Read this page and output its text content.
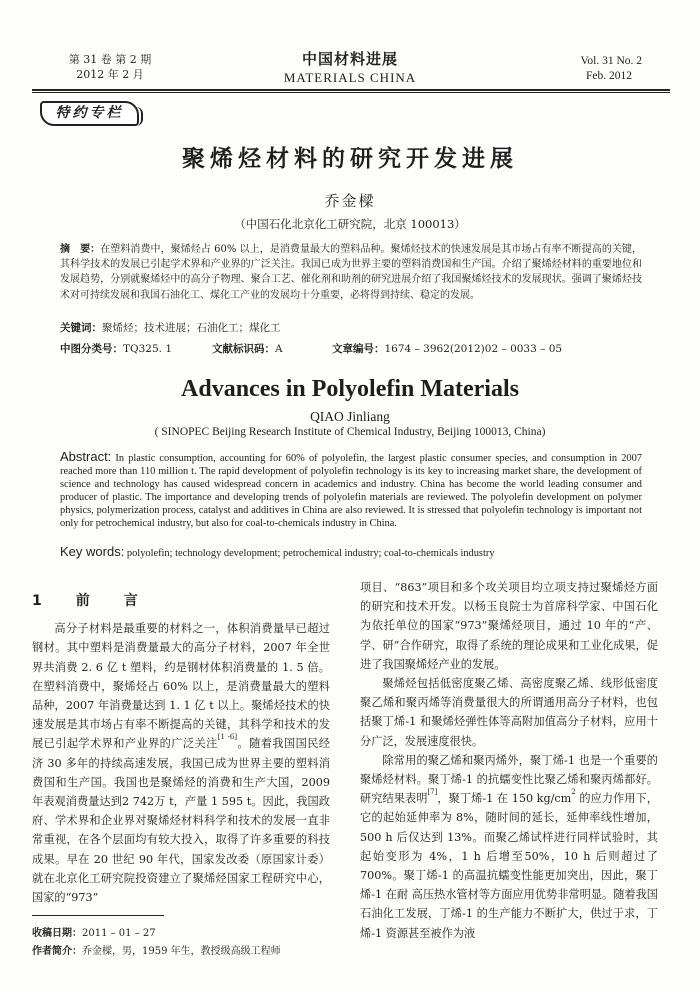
第 31 卷 第 2 期
2012 年 2 月
中国材料进展
MATERIALS CHINA
Vol. 31 No. 2
Feb. 2012
特约专栏
聚烯烃材料的研究开发进展
乔金樑
（中国石化北京化工研究院，北京 100013）
摘　要：在塑料消费中，聚烯烃占 60% 以上，是消费量最大的塑料品种。聚烯烃技术的快速发展是其市场占有率不断提高的关键，其科学技术的发展已引起学术界和产业界的广泛关注。我国已成为世界主要的塑料消费国和生产国。介绍了聚烯烃材料的重要地位和发展趋势，分别就聚烯烃中的高分子物理、聚合工艺、催化剂和助剂的研究进展介绍了我国聚烯烃技术的发展现状。强调了聚烯烃技术对可持续发展和我国石油化工、煤化工产业的发展均十分重要，必将得到持续、稳定的发展。
关键词：聚烯烃；技术进展；石油化工；煤化工
中图分类号：TQ325. 1	文献标识码：A	文章编号：1674 – 3962(2012)02 – 0033 – 05
Advances in Polyolefin Materials
QIAO Jinliang
( SINOPEC Beijing Research Institute of Chemical Industry, Beijing 100013, China)
Abstract: In plastic consumption, accounting for 60% of polyolefin, the largest plastic consumer species, and consumption in 2007 reached more than 110 million t. The rapid development of polyolefin technology is its key to increasing market share, the development of science and technology has caused widespread concern in academics and industry. China has become the world leading consumer and producer of plastic. The importance and developing trends of polyolefin materials are reviewed. The polyolefin development on polymer physics, polymerization process, catalyst and additives in China are also reviewed. It is stressed that polyolefin technology is important not only for petrochemical industry, but also for coal-to-chemicals industry in China.
Key words: polyolefin; technology development; petrochemical industry; coal-to-chemicals industry
1　前　言

高分子材料是最重要的材料之一，体积消费量早已超过钢材。其中塑料是消费量最大的高分子材料，2007 年全世界共消费 2. 6 亿 t 塑料，约是钢材体积消费量的 1. 5 倍。在塑料消费中，聚烯烃占 60% 以上，是消费量最大的塑料品种，2007 年消费量达到 1. 1 亿 t 以上。聚烯烃技术的快速发展是其市场占有率不断提高的关键，其科学和技术的发展已引起学术界和产业界的广泛关注[1 -6]。随着我国国民经济 30 多年的持续高速发展，我国已成为世界主要的塑料消费国和生产国。我国也是聚烯烃的消费和生产大国，2009 年表观消费量达到2 742万 t，产量 1 595 t。因此，我国政府、学术界和企业界对聚烯烃材料科学和技术的发展一直非常重视，在各个层面均有较大投入，取得了许多重要的科技成果。早在 20 世纪 90 年代，国家发改委（原国家计委）就在北京化工研究院投资建立了聚烯烃国家工程研究中心，国家的“973”

项目、“863”项目和多个攻关项目均立项支持过聚烯烃方面的研究和技术开发。以杨玉良院士为首席科学家、中国石化为依托单位的国家“973”聚烯烃项目，通过 10 年的“产、学、研”合作研究，取得了系统的理论成果和工业化成果，促进了我国聚烯烃产业的发展。

聚烯烃包括低密度聚乙烯、高密度聚乙烯、线形低密度聚乙烯和聚丙烯等消费量很大的所谓通用高分子材料，也包括聚丁烯-1 和聚烯烃弹性体等高附加值高分子材料，应用十分广泛，发展速度很快。

除常用的聚乙烯和聚丙烯外，聚丁烯-1 也是一个重要的聚烯烃材料。聚丁烯-1 的抗蠕变性比聚乙烯和聚丙烯都好。研究结果表明[7]，聚丁烯-1 在 150 $kg/cm^2$ 的应力作用下，它的起始延伸率为 8%，随时间的延长，延伸率线性增加，500 h 后仅达到 13%。而聚乙烯试样进行同样试验时，其起始变形为 4%，1 h 后增至50%，10 h 后则超过了 700%。聚丁烯-1 的高温抗蠕变性能更加突出，因此，聚丁烯-1 在耐 高压热水管材等方面应用优势非常明显。随着我国石油化工发展，丁烯-1 的生产能力不断扩大，供过于求，丁烯-1 资源甚至被作为液

收稿日期：2011 – 01 – 27
作者简介：乔金樑，男，1959 年生，教授级高级工程师
